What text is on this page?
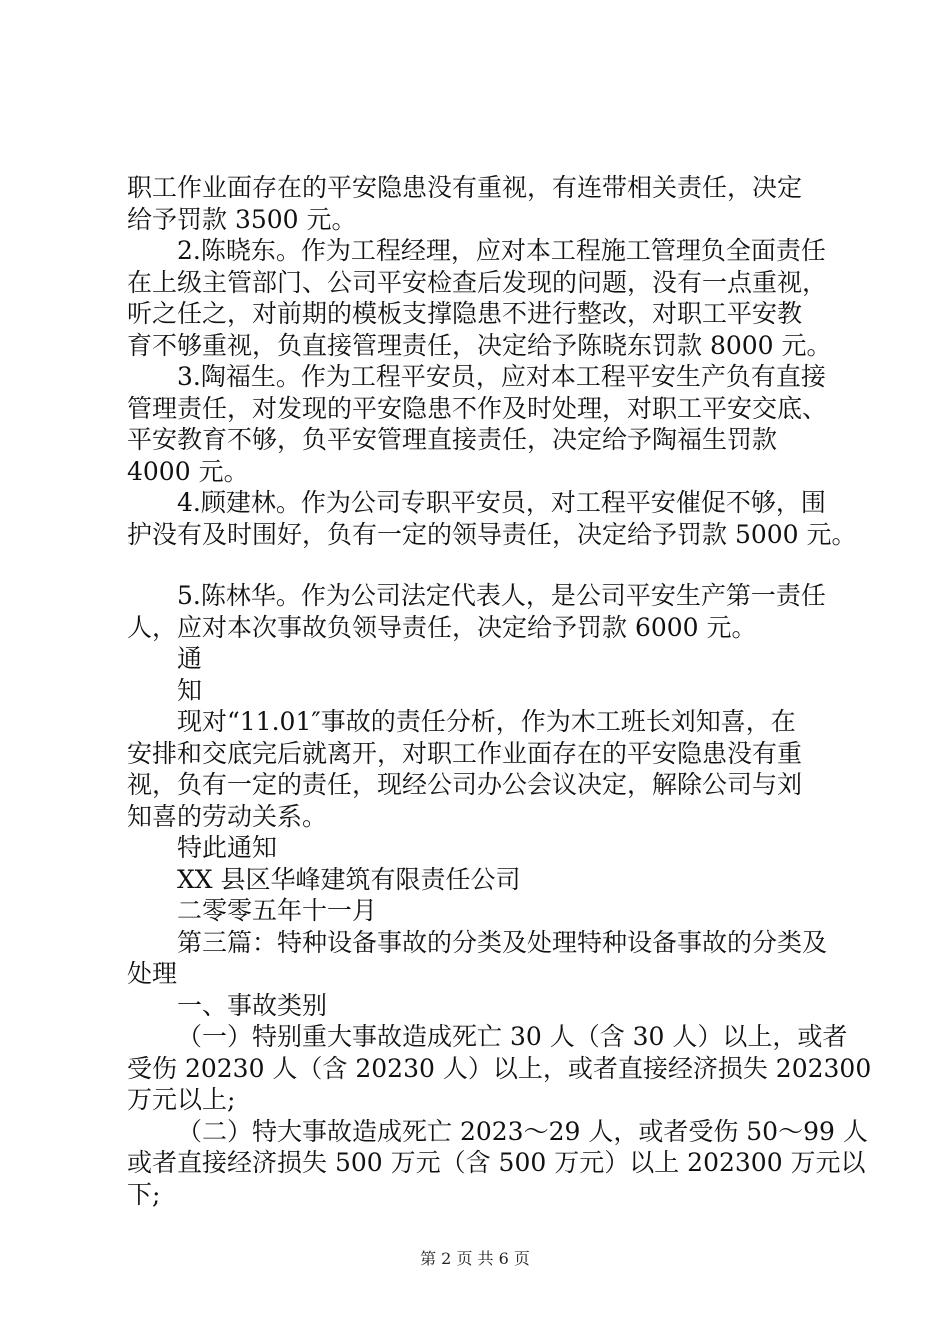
职工作业面存在的平安隐患没有重视，有连带相关责任，决定
给予罚款 3500 元。
2.陈晓东。作为工程经理，应对本工程施工管理负全面责任
在上级主管部门、公司平安检查后发现的问题，没有一点重视，
听之任之，对前期的模板支撑隐患不进行整改，对职工平安教
育不够重视，负直接管理责任，决定给予陈晓东罚款 8000 元。
3.陶福生。作为工程平安员，应对本工程平安生产负有直接
管理责任，对发现的平安隐患不作及时处理，对职工平安交底、
平安教育不够，负平安管理直接责任，决定给予陶福生罚款
4000 元。
4.顾建林。作为公司专职平安员，对工程平安催促不够，围
护没有及时围好，负有一定的领导责任，决定给予罚款 5000 元。
5.陈林华。作为公司法定代表人，是公司平安生产第一责任
人，应对本次事故负领导责任，决定给予罚款 6000 元。
通
知
现对“11.01″事故的责任分析，作为木工班长刘知喜，在
安排和交底完后就离开，对职工作业面存在的平安隐患没有重
视，负有一定的责任，现经公司办公会议决定，解除公司与刘
知喜的劳动关系。
特此通知
XX 县区华峰建筑有限责任公司
二零零五年十一月
第三篇：特种设备事故的分类及处理特种设备事故的分类及
处理
一、事故类别
（一）特别重大事故造成死亡 30 人（含 30 人）以上，或者
受伤 20230 人（含 20230 人）以上，或者直接经济损失 202300
万元以上;
（二）特大事故造成死亡 2023～29 人，或者受伤 50～99 人
或者直接经济损失 500 万元（含 500 万元）以上 202300 万元以
下;
第 2 页 共 6 页
